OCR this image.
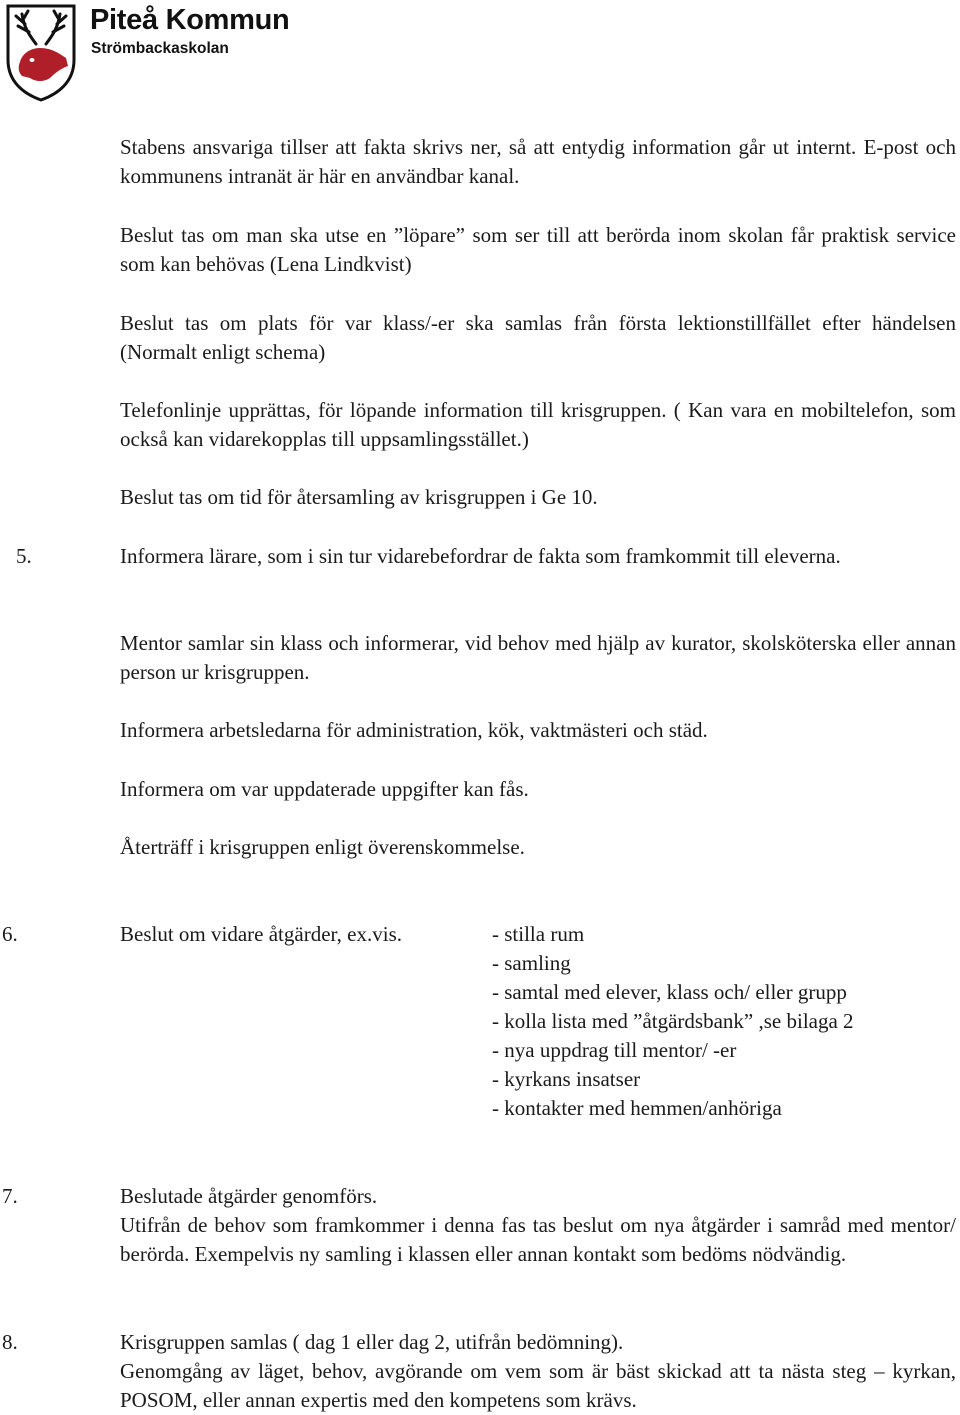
Piteå Kommun
Strömbackaskolan

Stabens ansvariga tillser att fakta skrivs ner, så att entydig information går ut internt. E-post och kommunens intranät är här en användbar kanal.

Beslut tas om man ska utse en ”löpare” som ser till att berörda inom skolan får praktisk service som kan behövas (Lena Lindkvist)

Beslut tas om plats för var klass/-er ska samlas från första lektionstillfället efter händelsen (Normalt enligt schema)

Telefonlinje upprättas, för löpande information till krisgruppen. ( Kan vara en mobiltelefon, som också kan vidarekopplas till uppsamlingsstället.)

Beslut tas om tid för återsamling av krisgruppen i Ge 10.

5.	Informera lärare, som i sin tur vidarebefordrar de fakta som framkommit till eleverna.

Mentor samlar sin klass och informerar, vid behov med hjälp av kurator, skolsköterska eller annan person ur krisgruppen.

Informera arbetsledarna för administration, kök, vaktmästeri och städ.

Informera om var uppdaterade uppgifter kan fås.

Återträff i krisgruppen enligt överenskommelse.

6.	Beslut om vidare åtgärder, ex.vis.	- stilla rum
- samling
- samtal med elever, klass och/ eller grupp
- kolla lista med ”åtgärdsbank” ,se bilaga 2
- nya uppdrag till mentor/ -er
- kyrkans insatser
- kontakter med hemmen/anhöriga
7.	Beslutade åtgärder genomförs.
Utifrån de behov som framkommer i denna fas tas beslut om nya åtgärder i samråd med mentor/ berörda. Exempelvis ny samling i klassen eller annan kontakt som bedöms nödvändig.
8.	Krisgruppen samlas ( dag 1 eller dag 2, utifrån bedömning).
Genomgång av läget, behov, avgörande om vem som är bäst skickad att ta nästa steg – kyrkan, POSOM, eller annan expertis med den kompetens som krävs.
